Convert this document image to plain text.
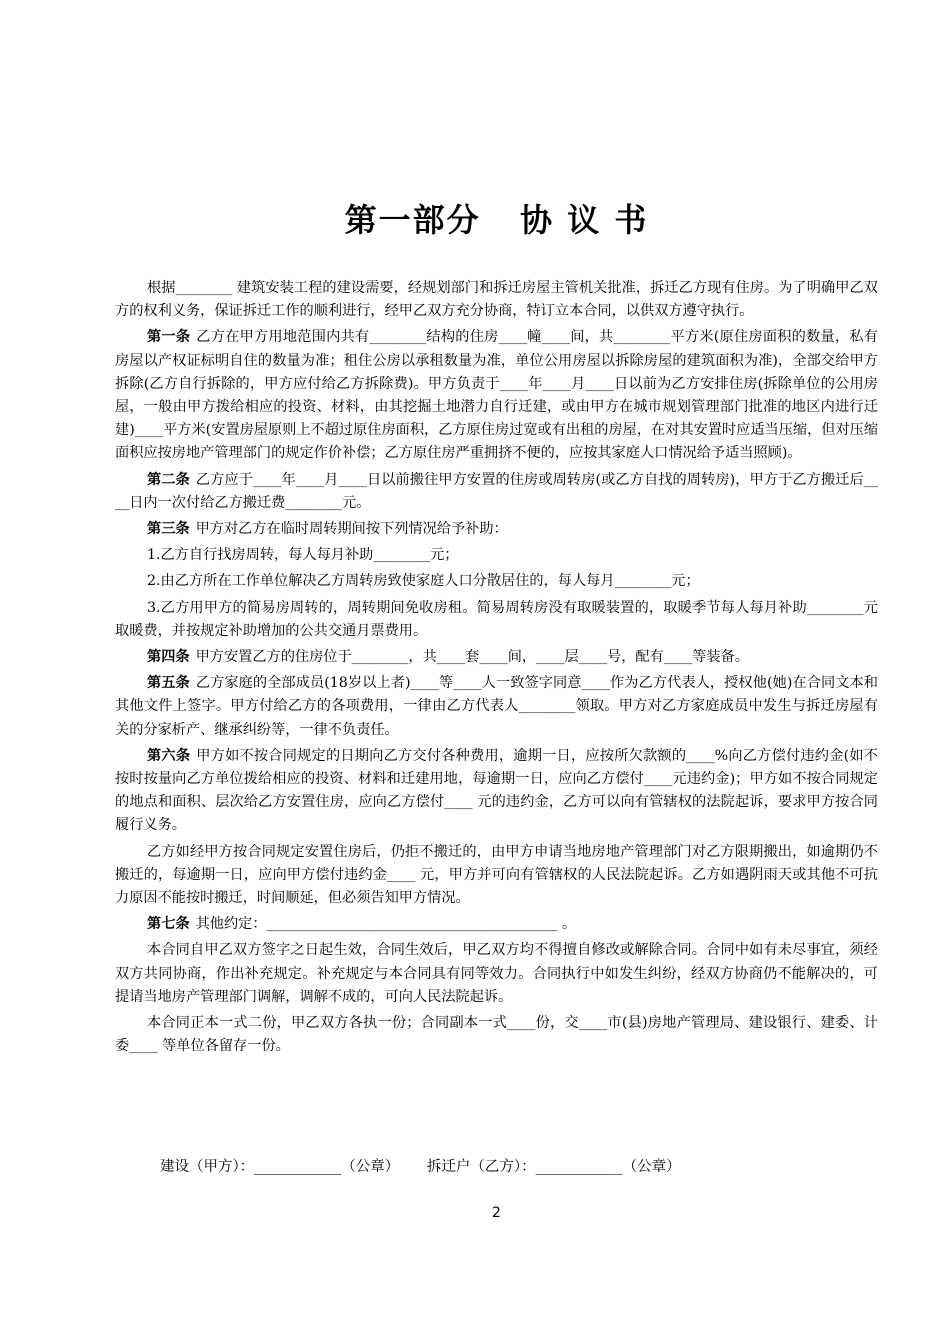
第一部分   协 议 书

根据________ 建筑安装工程的建设需要，经规划部门和拆迁房屋主管机关批准，拆迁乙方现有住房。为了明确甲乙双方的权利义务，保证拆迁工作的顺利进行，经甲乙双方充分协商，特订立本合同，以供双方遵守执行。

第一条 乙方在甲方用地范围内共有________结构的住房____幢____间，共________平方米(原住房面积的数量，私有房屋以产权证标明自住的数量为准；租住公房以承租数量为准，单位公用房屋以拆除房屋的建筑面积为准)，全部交给甲方拆除(乙方自行拆除的，甲方应付给乙方拆除费)。甲方负责于____年____月____日以前为乙方安排住房(拆除单位的公用房屋，一般由甲方拨给相应的投资、材料，由其挖掘土地潜力自行迁建，或由甲方在城市规划管理部门批准的地区内进行迁建)____平方米(安置房屋原则上不超过原住房面积，乙方原住房过宽或有出租的房屋，在对其安置时应适当压缩，但对压缩面积应按房地产管理部门的规定作价补偿；乙方原住房严重拥挤不便的，应按其家庭人口情况给予适当照顾)。

第二条 乙方应于____年____月____日以前搬往甲方安置的住房或周转房(或乙方自找的周转房)，甲方于乙方搬迁后____日内一次付给乙方搬迁费________元。

第三条 甲方对乙方在临时周转期间按下列情况给予补助：

1.乙方自行找房周转，每人每月补助________元；

2.由乙方所在工作单位解决乙方周转房致使家庭人口分散居住的，每人每月________元；

3.乙方用甲方的简易房周转的，周转期间免收房租。简易周转房没有取暖装置的，取暖季节每人每月补助________元取暖费，并按规定补助增加的公共交通月票费用。

第四条 甲方安置乙方的住房位于________，共____套____间，____层____号，配有____等装备。

第五条 乙方家庭的全部成员(18岁以上者)____等____人一致签字同意____作为乙方代表人，授权他(她)在合同文本和其他文件上签字。甲方付给乙方的各项费用，一律由乙方代表人________领取。甲方对乙方家庭成员中发生与拆迁房屋有关的分家析产、继承纠纷等，一律不负责任。

第六条 甲方如不按合同规定的日期向乙方交付各种费用，逾期一日，应按所欠款额的____%向乙方偿付违约金(如不按时按量向乙方单位拨给相应的投资、材料和迁建用地，每逾期一日，应向乙方偿付____元违约金)；甲方如不按合同规定的地点和面积、层次给乙方安置住房，应向乙方偿付____ 元的违约金，乙方可以向有管辖权的法院起诉，要求甲方按合同履行义务。

乙方如经甲方按合同规定安置住房后，仍拒不搬迁的，由甲方申请当地房地产管理部门对乙方限期搬出，如逾期仍不搬迁的，每逾期一日，应向甲方偿付违约金____ 元，甲方并可向有管辖权的人民法院起诉。乙方如遇阴雨天或其他不可抗力原因不能按时搬迁，时间顺延，但必须告知甲方情况。

第七条 其他约定：_________________________________________ 。

本合同自甲乙双方签字之日起生效，合同生效后，甲乙双方均不得擅自修改或解除合同。合同中如有未尽事宜，须经双方共同协商，作出补充规定。补充规定与本合同具有同等效力。合同执行中如发生纠纷，经双方协商仍不能解决的，可提请当地房产管理部门调解，调解不成的，可向人民法院起诉。

本合同正本一式二份，甲乙双方各执一份；合同副本一式____份，交____市(县)房地产管理局、建设银行、建委、计委____ 等单位各留存一份。

建设（甲方）：____________（公章）      拆迁户（乙方）：____________（公章）
2
